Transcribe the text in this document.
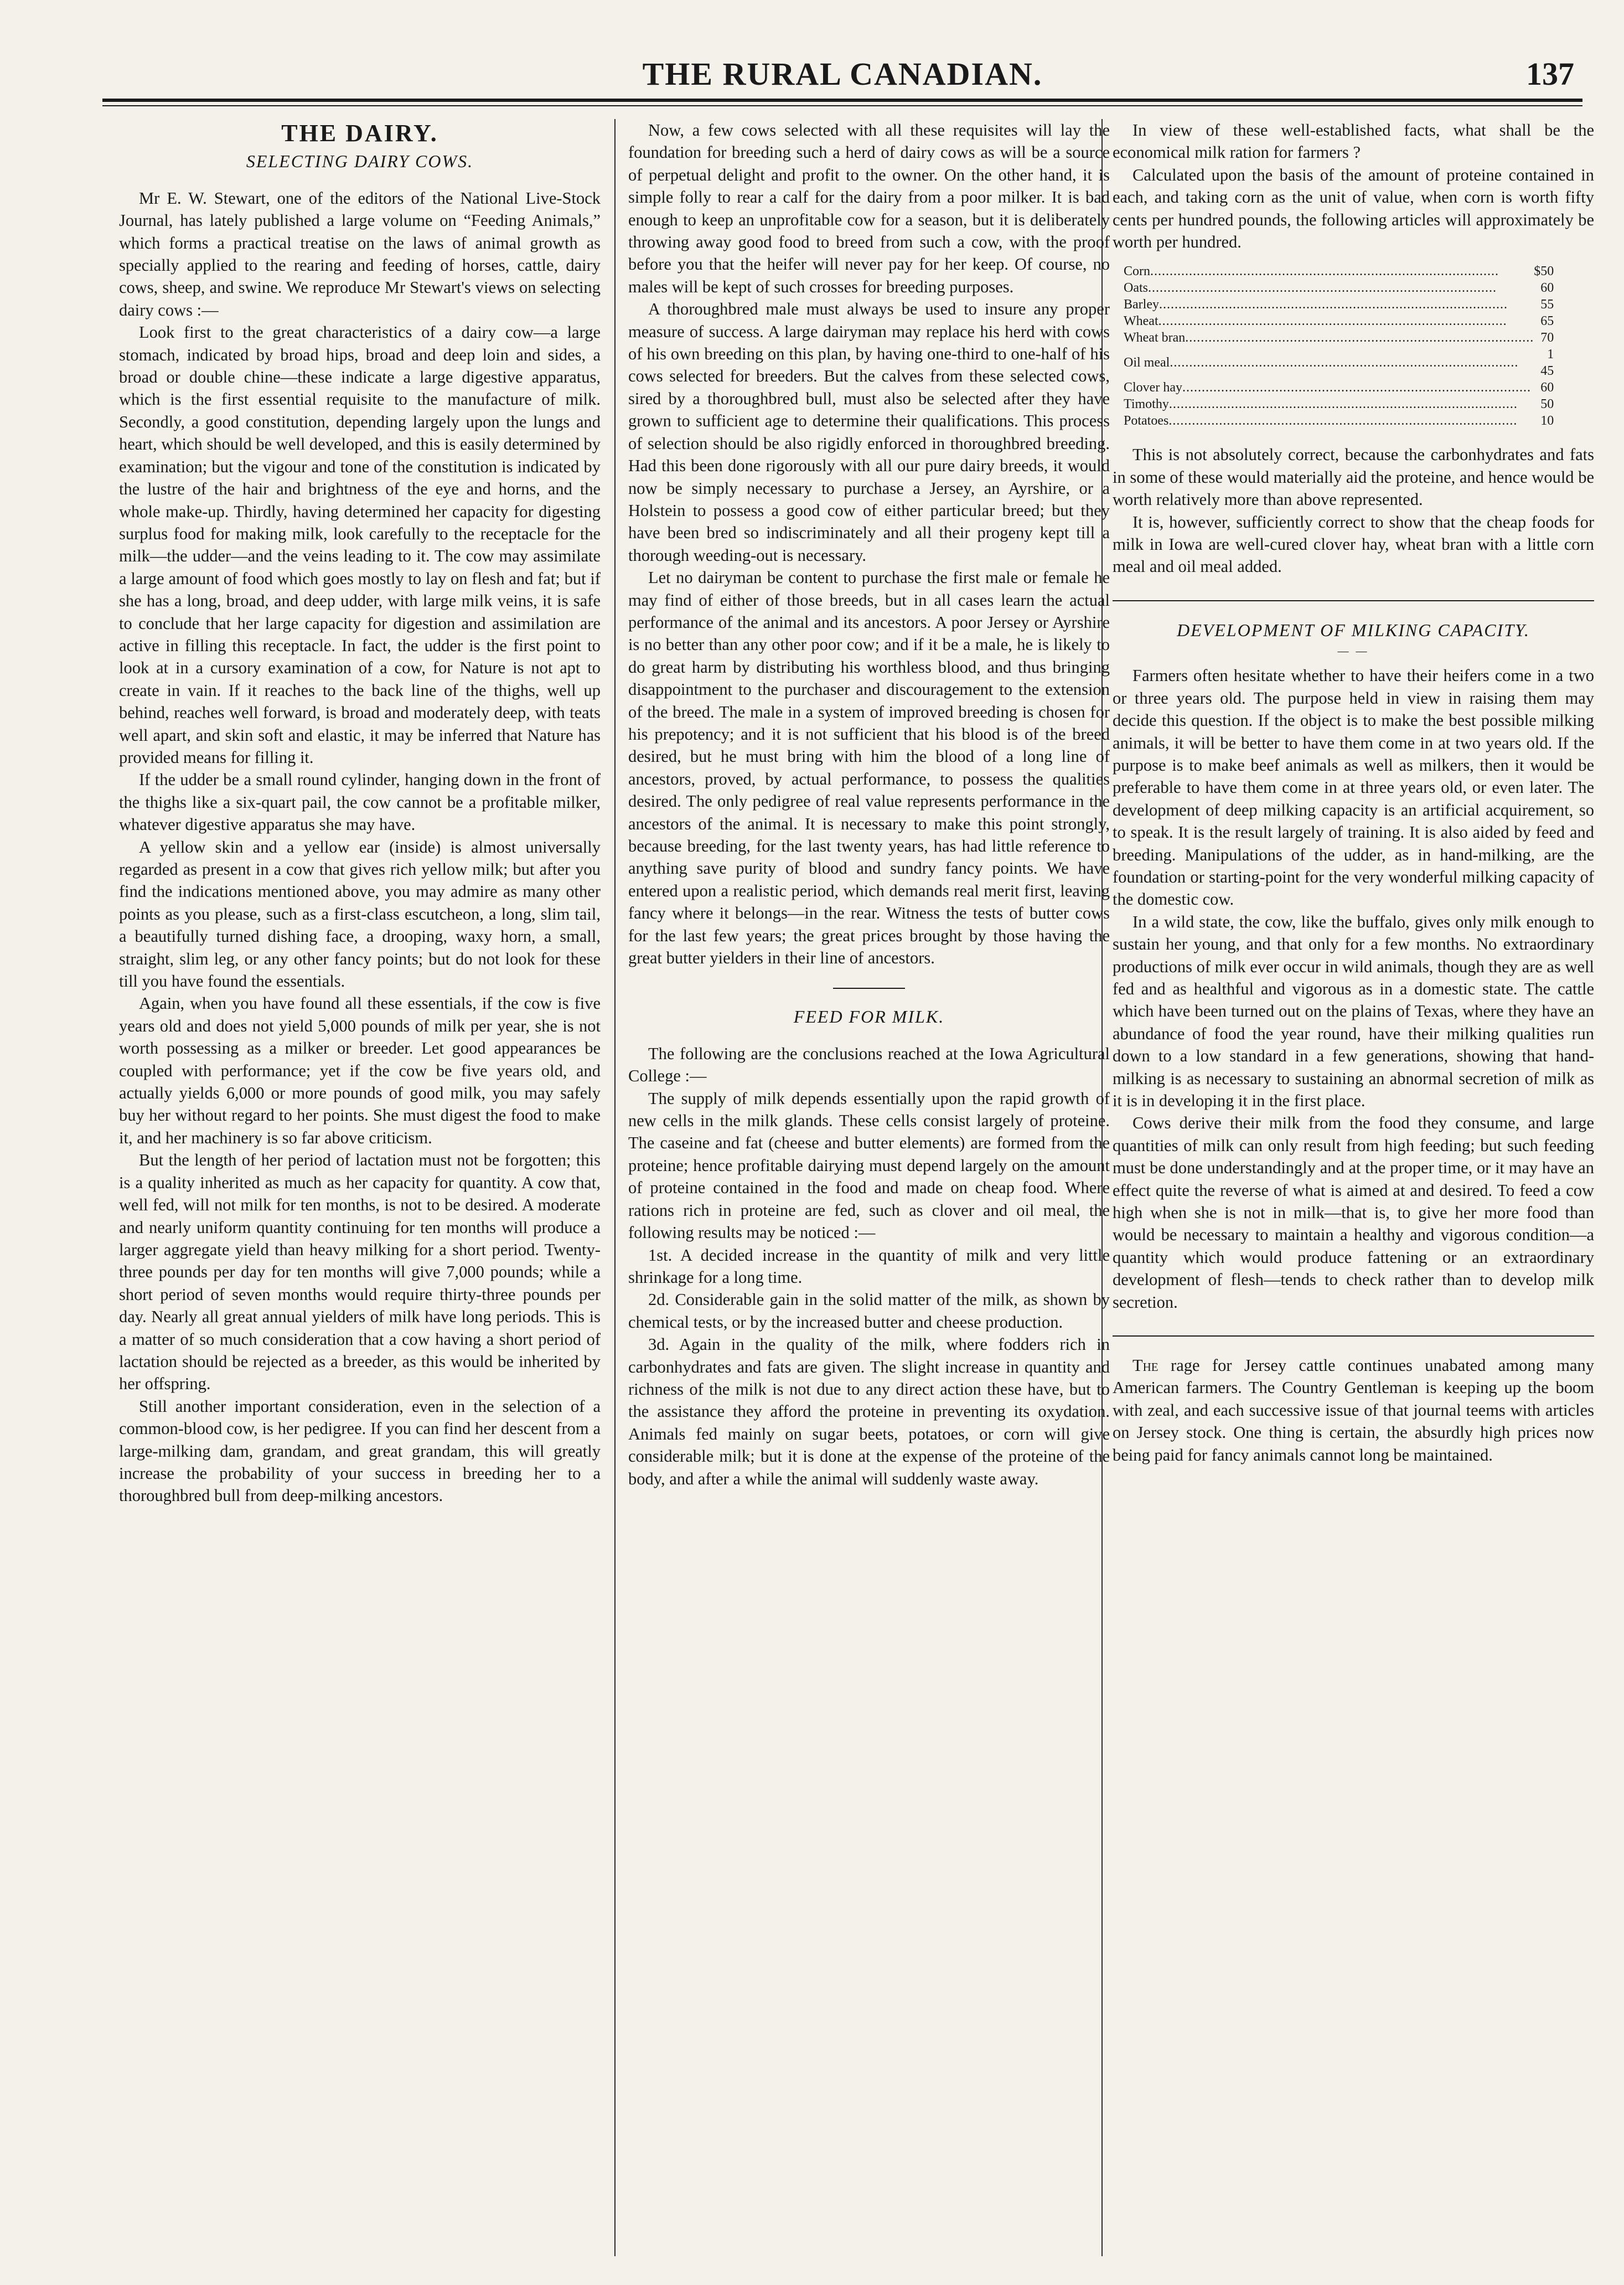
THE RURAL CANADIAN.	137
THE DAIRY.
SELECTING DAIRY COWS.

Mr E. W. Stewart, one of the editors of the National Live-Stock Journal, has lately published a large volume on “Feeding Animals,” which forms a practical treatise on the laws of animal growth as specially applied to the rearing and feeding of horses, cattle, dairy cows, sheep, and swine. We reproduce Mr Stewart's views on selecting dairy cows :—

Look first to the great characteristics of a dairy cow—a large stomach, indicated by broad hips, broad and deep loin and sides, a broad or double chine—these indicate a large digestive apparatus, which is the first essential requisite to the manufacture of milk. Secondly, a good constitution, depending largely upon the lungs and heart, which should be well developed, and this is easily determined by examination; but the vigour and tone of the constitution is indicated by the lustre of the hair and brightness of the eye and horns, and the whole make-up. Thirdly, having determined her capacity for digesting surplus food for making milk, look carefully to the receptacle for the milk—the udder—and the veins leading to it. The cow may assimilate a large amount of food which goes mostly to lay on flesh and fat; but if she has a long, broad, and deep udder, with large milk veins, it is safe to conclude that her large capacity for digestion and assimilation are active in filling this receptacle. In fact, the udder is the first point to look at in a cursory examination of a cow, for Nature is not apt to create in vain. If it reaches to the back line of the thighs, well up behind, reaches well forward, is broad and moderately deep, with teats well apart, and skin soft and elastic, it may be inferred that Nature has provided means for filling it.

If the udder be a small round cylinder, hanging down in the front of the thighs like a six-quart pail, the cow cannot be a profitable milker, whatever digestive apparatus she may have.

A yellow skin and a yellow ear (inside) is almost universally regarded as present in a cow that gives rich yellow milk; but after you find the indications mentioned above, you may admire as many other points as you please, such as a first-class escutcheon, a long, slim tail, a beautifully turned dishing face, a drooping, waxy horn, a small, straight, slim leg, or any other fancy points; but do not look for these till you have found the essentials.

Again, when you have found all these essentials, if the cow is five years old and does not yield 5,000 pounds of milk per year, she is not worth possessing as a milker or breeder. Let good appearances be coupled with performance; yet if the cow be five years old, and actually yields 6,000 or more pounds of good milk, you may safely buy her without regard to her points. She must digest the food to make it, and her machinery is so far above criticism.

But the length of her period of lactation must not be forgotten; this is a quality inherited as much as her capacity for quantity. A cow that, well fed, will not milk for ten months, is not to be desired. A moderate and nearly uniform quantity continuing for ten months will produce a larger aggregate yield than heavy milking for a short period. Twenty-three pounds per day for ten months will give 7,000 pounds; while a short period of seven months would require thirty-three pounds per day. Nearly all great annual yielders of milk have long periods. This is a matter of so much consideration that a cow having a short period of lactation should be rejected as a breeder, as this would be inherited by her offspring.

Still another important consideration, even in the selection of a common-blood cow, is her pedigree. If you can find her descent from a large-milking dam, grandam, and great grandam, this will greatly increase the probability of your success in breeding her to a thoroughbred bull from deep-milking ancestors.

Now, a few cows selected with all these requisites will lay the foundation for breeding such a herd of dairy cows as will be a source of perpetual delight and profit to the owner. On the other hand, it is simple folly to rear a calf for the dairy from a poor milker. It is bad enough to keep an unprofitable cow for a season, but it is deliberately throwing away good food to breed from such a cow, with the proof before you that the heifer will never pay for her keep. Of course, no males will be kept of such crosses for breeding purposes.

A thoroughbred male must always be used to insure any proper measure of success. A large dairyman may replace his herd with cows of his own breeding on this plan, by having one-third to one-half of his cows selected for breeders. But the calves from these selected cows, sired by a thoroughbred bull, must also be selected after they have grown to sufficient age to determine their qualifications. This process of selection should be also rigidly enforced in thoroughbred breeding. Had this been done rigorously with all our pure dairy breeds, it would now be simply necessary to purchase a Jersey, an Ayrshire, or a Holstein to possess a good cow of either particular breed; but they have been bred so indiscriminately and all their progeny kept till a thorough weeding-out is necessary.

Let no dairyman be content to purchase the first male or female he may find of either of those breeds, but in all cases learn the actual performance of the animal and its ancestors. A poor Jersey or Ayrshire is no better than any other poor cow; and if it be a male, he is likely to do great harm by distributing his worthless blood, and thus bringing disappointment to the purchaser and discouragement to the extension of the breed. The male in a system of improved breeding is chosen for his prepotency; and it is not sufficient that his blood is of the breed desired, but he must bring with him the blood of a long line of ancestors, proved, by actual performance, to possess the qualities desired. The only pedigree of real value represents performance in the ancestors of the animal. It is necessary to make this point strongly, because breeding, for the last twenty years, has had little reference to anything save purity of blood and sundry fancy points. We have entered upon a realistic period, which demands real merit first, leaving fancy where it belongs—in the rear. Witness the tests of butter cows for the last few years; the great prices brought by those having the great butter yielders in their line of ancestors.

FEED FOR MILK.

The following are the conclusions reached at the Iowa Agricultural College :—

The supply of milk depends essentially upon the rapid growth of new cells in the milk glands. These cells consist largely of proteine. The caseine and fat (cheese and butter elements) are formed from the proteine; hence profitable dairying must depend largely on the amount of proteine contained in the food and made on cheap food. Where rations rich in proteine are fed, such as clover and oil meal, the following results may be noticed :—

1st. A decided increase in the quantity of milk and very little shrinkage for a long time.

2d. Considerable gain in the solid matter of the milk, as shown by chemical tests, or by the increased butter and cheese production.

3d. Again in the quality of the milk, where fodders rich in carbonhydrates and fats are given. The slight increase in quantity and richness of the milk is not due to any direct action these have, but to the assistance they afford the proteine in preventing its oxydation. Animals fed mainly on sugar beets, potatoes, or corn will give considerable milk; but it is done at the expense of the proteine of the body, and after a while the animal will suddenly waste away.

In view of these well-established facts, what shall be the economical milk ration for farmers ?

Calculated upon the basis of the amount of proteine contained in each, and taking corn as the unit of value, when corn is worth fifty cents per hundred pounds, the following articles will approximately be worth per hundred.

Corn..........................................................................................	$	50
Oats..........................................................................................		60
Barley..........................................................................................		55
Wheat..........................................................................................		65
Wheat bran..........................................................................................		70
Oil meal..........................................................................................		1 45
Clover hay..........................................................................................		60
Timothy..........................................................................................		50
Potatoes..........................................................................................		10

This is not absolutely correct, because the carbonhydrates and fats in some of these would materially aid the proteine, and hence would be worth relatively more than above represented.

It is, however, sufficiently correct to show that the cheap foods for milk in Iowa are well-cured clover hay, wheat bran with a little corn meal and oil meal added.

DEVELOPMENT OF MILKING CAPACITY.
— —

Farmers often hesitate whether to have their heifers come in a two or three years old. The purpose held in view in raising them may decide this question. If the object is to make the best possible milking animals, it will be better to have them come in at two years old. If the purpose is to make beef animals as well as milkers, then it would be preferable to have them come in at three years old, or even later. The development of deep milking capacity is an artificial acquirement, so to speak. It is the result largely of training. It is also aided by feed and breeding. Manipulations of the udder, as in hand-milking, are the foundation or starting-point for the very wonderful milking capacity of the domestic cow.

In a wild state, the cow, like the buffalo, gives only milk enough to sustain her young, and that only for a few months. No extraordinary productions of milk ever occur in wild animals, though they are as well fed and as healthful and vigorous as in a domestic state. The cattle which have been turned out on the plains of Texas, where they have an abundance of food the year round, have their milking qualities run down to a low standard in a few generations, showing that hand-milking is as necessary to sustaining an abnormal secretion of milk as it is in developing it in the first place.

Cows derive their milk from the food they consume, and large quantities of milk can only result from high feeding; but such feeding must be done understandingly and at the proper time, or it may have an effect quite the reverse of what is aimed at and desired. To feed a cow high when she is not in milk—that is, to give her more food than would be necessary to maintain a healthy and vigorous condition—a quantity which would produce fattening or an extraordinary development of flesh—tends to check rather than to develop milk secretion.

The rage for Jersey cattle continues unabated among many American farmers. The Country Gentleman is keeping up the boom with zeal, and each successive issue of that journal teems with articles on Jersey stock. One thing is certain, the absurdly high prices now being paid for fancy animals cannot long be maintained.
